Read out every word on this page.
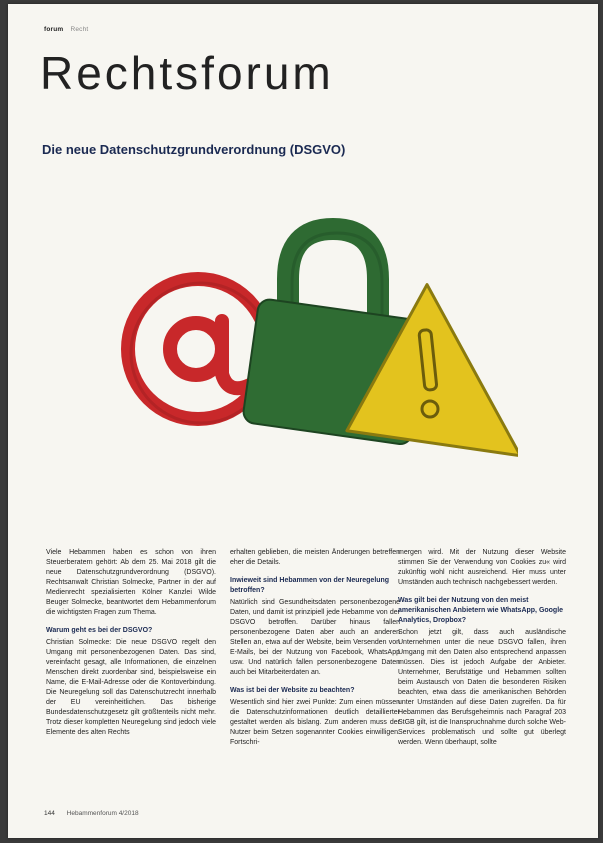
forum Recht
Rechtsforum
Die neue Datenschutzgrundverordnung (DSGVO)

Viele Hebammen haben es schon von ihren Steuerberatern gehört: Ab dem 25. Mai 2018 gilt die neue Datenschutzgrundverordnung (DSGVO). Rechtsanwalt Christian Solmecke, Partner in der auf Medienrecht spezialisierten Kölner Kanzlei Wilde Beuger Solmecke, beantwortet dem Hebammenforum die wichtigsten Fragen zum Thema.

Warum geht es bei der DSGVO?

Christian Solmecke: Die neue DSGVO regelt den Umgang mit personenbezogenen Daten. Das sind, vereinfacht gesagt, alle Informationen, die einzelnen Menschen direkt zuordenbar sind, beispielsweise ein Name, die E-Mail-Adresse oder die Kontoverbindung. Die Neuregelung soll das Datenschutzrecht innerhalb der EU vereinheitlichen. Das bisherige Bundesdatenschutzgesetz gilt größtenteils nicht mehr. Trotz dieser kompletten Neuregelung sind jedoch viele Elemente des alten Rechts

erhalten geblieben, die meisten Änderungen betreffen eher die Details.

Inwieweit sind Hebammen von der Neuregelung betroffen?

Natürlich sind Gesundheitsdaten personenbezogene Daten, und damit ist prinzipiell jede Hebamme von der DSGVO betroffen. Darüber hinaus fallen personenbezogene Daten aber auch an anderen Stellen an, etwa auf der Website, beim Versenden von E-Mails, bei der Nutzung von Facebook, WhatsApp usw. Und natürlich fallen personenbezogene Daten auch bei Mitarbeiterdaten an.

Was ist bei der Website zu beachten?

Wesentlich sind hier zwei Punkte: Zum einen müssen die Datenschutzinformationen deutlich detaillierter gestaltet werden als bislang. Zum anderen muss der Nutzer beim Setzen sogenannter Cookies einwilligen. Fortschri-

mergen wird. Mit der Nutzung dieser Website stimmen Sie der Verwendung von Cookies zu« wird zukünftig wohl nicht ausreichend. Hier muss unter Umständen auch technisch nachgebessert werden.

Was gilt bei der Nutzung von den meist amerikanischen Anbietern wie WhatsApp, Google Analytics, Dropbox?

Schon jetzt gilt, dass auch ausländische Unternehmen unter die neue DSGVO fallen, ihren Umgang mit den Daten also entsprechend anpassen müssen. Dies ist jedoch Aufgabe der Anbieter. Unternehmer, Berufstätige und Hebammen sollten beim Austausch von Daten die besonderen Risiken beachten, etwa dass die amerikanischen Behörden unter Umständen auf diese Daten zugreifen. Da für Hebammen das Berufsgeheimnis nach Paragraf 203 StGB gilt, ist die Inanspruchnahme durch solche Web-Services problematisch und sollte gut überlegt werden. Wenn überhaupt, sollte

144 Hebammenforum 4/2018
